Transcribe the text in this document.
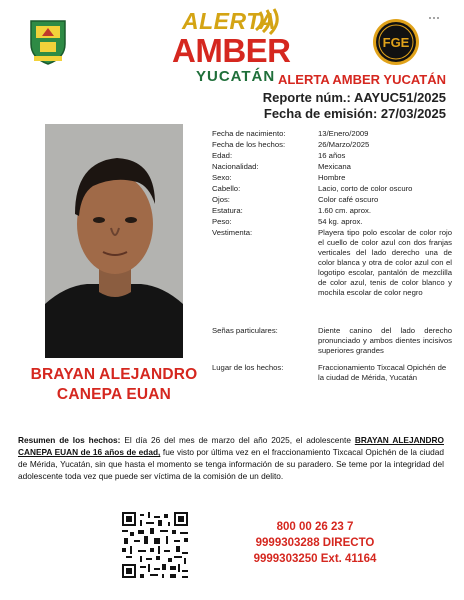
ALERTA
AMBER
YUCATÁN
FGE
ALERTA AMBER YUCATÁN
Reporte núm.: AAYUC51/2025
Fecha de emisión: 27/03/2025
BRAYAN ALEJANDRO
CANEPA EUAN
Fecha de nacimiento:	13/Enero/2009
Fecha de los hechos:	26/Marzo/2025
Edad:	16 años
Nacionalidad:	Mexicana
Sexo:	Hombre
Cabello:	Lacio, corto de color oscuro
Ojos:	Color café oscuro
Estatura:	1.60 cm. aprox.
Peso:	54 kg. aprox.
Vestimenta:	Playera tipo polo escolar de color rojo el cuello de color azul con dos franjas verticales del lado derecho una de color blanca y otra de color azul con el logotipo escolar, pantalón de mezclilla de color azul, tenis de color blanco y mochila escolar de color negro
Señas particulares:	Diente canino del lado derecho pronunciado y ambos dientes incisivos superiores grandes
Lugar de los hechos:	Fraccionamiento Tixcacal Opichén de la ciudad de Mérida, Yucatán
Resumen de los hechos: El día 26 del mes de marzo del año 2025, el adolescente BRAYAN ALEJANDRO CANEPA EUAN de 16 años de edad, fue visto por última vez en el fraccionamiento Tixcacal Opichén de la ciudad de Mérida, Yucatán, sin que hasta el momento se tenga información de su paradero. Se teme por la integridad del adolescente toda vez que puede ser víctima de la comisión de un delito.
800 00 26 23 7
9999303288 DIRECTO
9999303250 Ext. 41164
